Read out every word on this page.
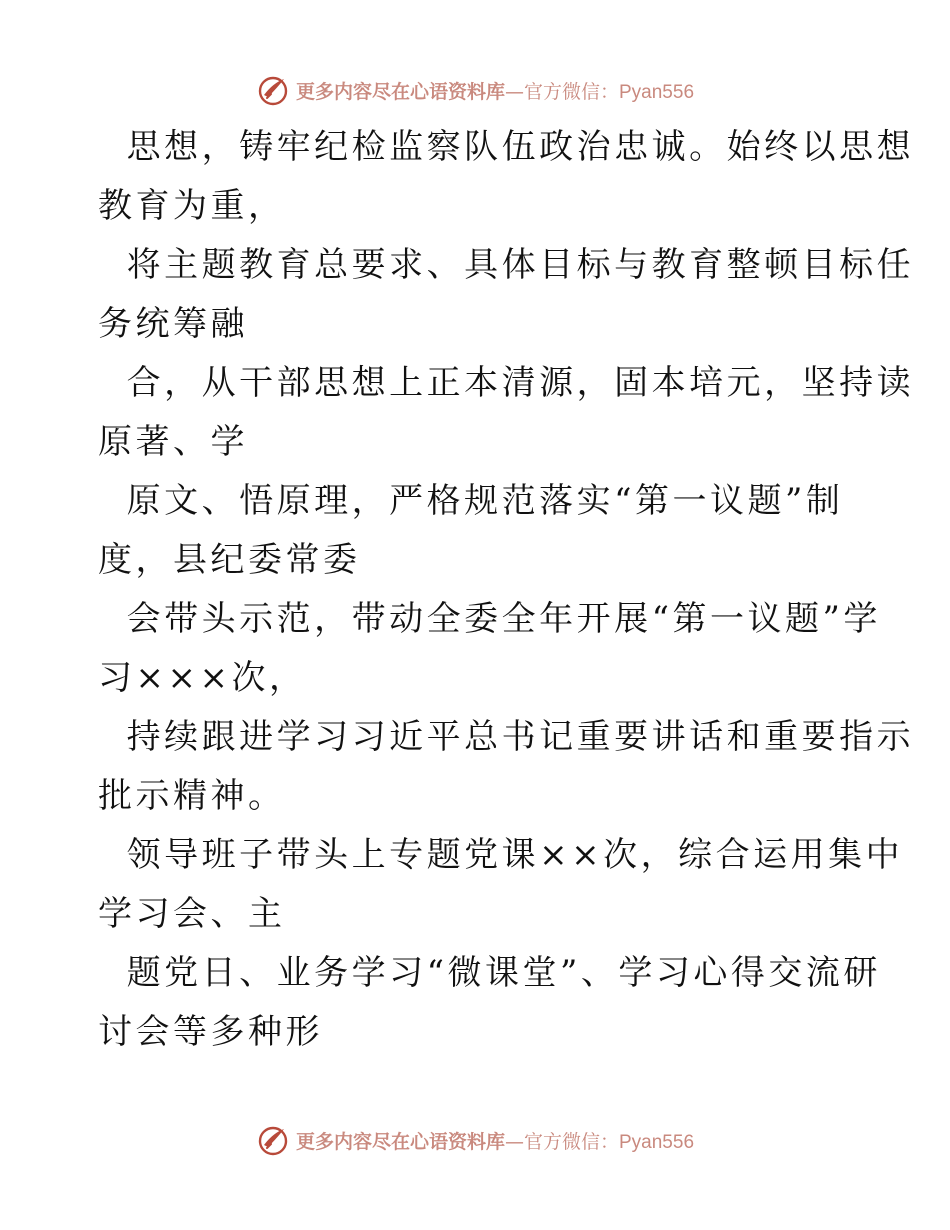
更多内容尽在心语资料库—官方微信：Pyan556

思想，铸牢纪检监察队伍政治忠诚。始终以思想
教育为重，

将主题教育总要求、具体目标与教育整顿目标任
务统筹融

合，从干部思想上正本清源，固本培元，坚持读
原著、学

原文、悟原理，严格规范落实“第一议题”制
度，县纪委常委

会带头示范，带动全委全年开展“第一议题”学
习×××次，

持续跟进学习习近平总书记重要讲话和重要指示
批示精神。

领导班子带头上专题党课××次，综合运用集中
学习会、主

题党日、业务学习“微课堂”、学习心得交流研
讨会等多种形

更多内容尽在心语资料库—官方微信：Pyan556
